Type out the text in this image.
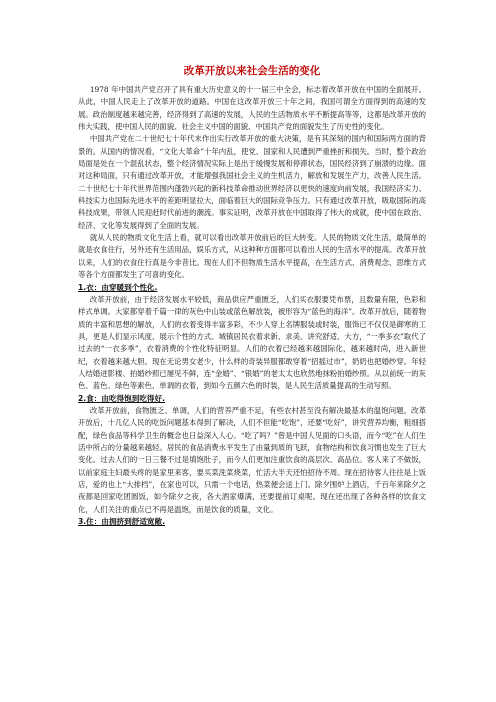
改革开放以来社会生活的变化

1978 年中国共产党召开了具有重大历史意义的十一届三中全会，标志着改革开放在中国的全面展开。从此，中国人民走上了改革开放的道路。中国在这改革开放三十年之间，我国可谓全方面得到的高速的发展。政治制度越来越完善，经济得到了高速的发展，人民的生活物质水平不断提高等等，这都是改革开放的伟大实践，使中国人民的面貌、社会主义中国的面貌、中国共产党的面貌发生了历史性的变化。

中国共产党在二十世纪七十年代末作出实行改革开放的重大决策，是有其深刻的国内和国际两方面的背景的。从国内的情况看，“文化大革命”十年内乱，使党、国家和人民遭到严重挫折和损失。当时，整个政治局面是处在一个混乱状态，整个经济情况实际上是出于缓慢发展和停滞状态，国民经济到了崩溃的边缘。面对这种局面，只有通过改革开放，才能增强我国社会主义的生机活力，解放和发展生产力，改善人民生活。二十世纪七十年代世界范围内蓬勃兴起的新科技革命推动世界经济以更快的速度向前发展，我国经济实力、科技实力也国际先进水平的差距明显拉大，面临着巨大的国际竞争压力。只有通过改革开放，吸取国际的高科技成果，带领人民迎赶时代前进的潮流。事实证明，改革开放在中国取得了伟大的成就，使中国在政治、经济、文化等发展得到了全面的发展。

就从人民的物质文化生活上看，就可以看出改革开放前后的巨大转变。人民的物质文化生活，最简单的就是衣食住行，另外还有生活用品，娱乐方式，从这种种方面都可以看出人民的生活水平的提高。改革开放以来，人们的衣食住行真是今非昔比。现在人们不但物质生活水平提高，在生活方式、消费观念、思维方式等各个方面都发生了可喜的变化。

1.衣：由穿暖到个性化.

改革开放前，由于经济发展水平较低，商品供应严重匮乏，人们买衣服要凭布票，且数量有限，色彩和样式单调。大家都穿着千篇一律的灰色中山装或蓝色解放装，被形容为“蓝色的海洋”。改革开放后，随着物质的丰富和思想的解放，人们的衣着变得丰富多彩，不少人穿上名牌服装或时装，服饰已不仅仅是御寒的工具，更是人们显示风度、展示个性的方式。城镇居民衣着求新、求美、讲究舒适、大方，“一季多衣”取代了过去的“一衣多季”，衣着消费的个性化特征明显。人们的衣着已经越来越国际化，越来越时尚，进入新世纪，衣着越来越大胆。现在无论男女老少，什么样的奇装异服都敢穿着“招摇过市”，奶奶也把婚纱穿。年轻人结婚迸影楼、拍婚纱照已屡见不鲜，连“金婚”、“银婚”的老太太也欣然地抹粉拍婚纱照。从以前统一的灰色、蓝色、绿色等素色、单调的衣着，到如今五颜六色的时装，是人民生活质量提高的生动写照。

2.食：由吃得饱到吃得好.

改革开放前，食物匮乏、单调，人们的营养严重不足，有些农村甚至没有解决最基本的温饱问题。改革开放后，十几亿人民的吃饭问题基本得到了解决，人们不但能“吃饱”，还要“吃好”，讲究营养均衡，粗细搭配，绿色食品等科学卫生的概念也日益深入人心。“吃了吗？”曾是中国人见面的口头语，而今“吃”在人们生活中所占的分量越来越轻。居民的食品消费水平发生了由量到质的飞跃，食物结构和饮食习惯也发生了巨大变化。过去人们的一日三餐不过是填饱肚子，而今人们更加注重饮食的高层次、高品位。客人来了不做饭，以前家庭主妇最头疼的是家里来客，要买菜洗菜烧菜，忙活大半天还怕招待不周。现在招待客人往往是上饭店，爱的也上“大排档”，在家也可以，只需一个电话，热菜便会送上门。除夕围炉上酒店，千百年来除夕之夜都是回家吃团圆饭，如今除夕之夜，各大酒家爆满，还要提前订桌呢。现在还出现了各种各样的饮食文化，人们关注的重点已不再是温饱，而是饮食的质量，文化。

3.住：由拥挤到舒适宽敞.
